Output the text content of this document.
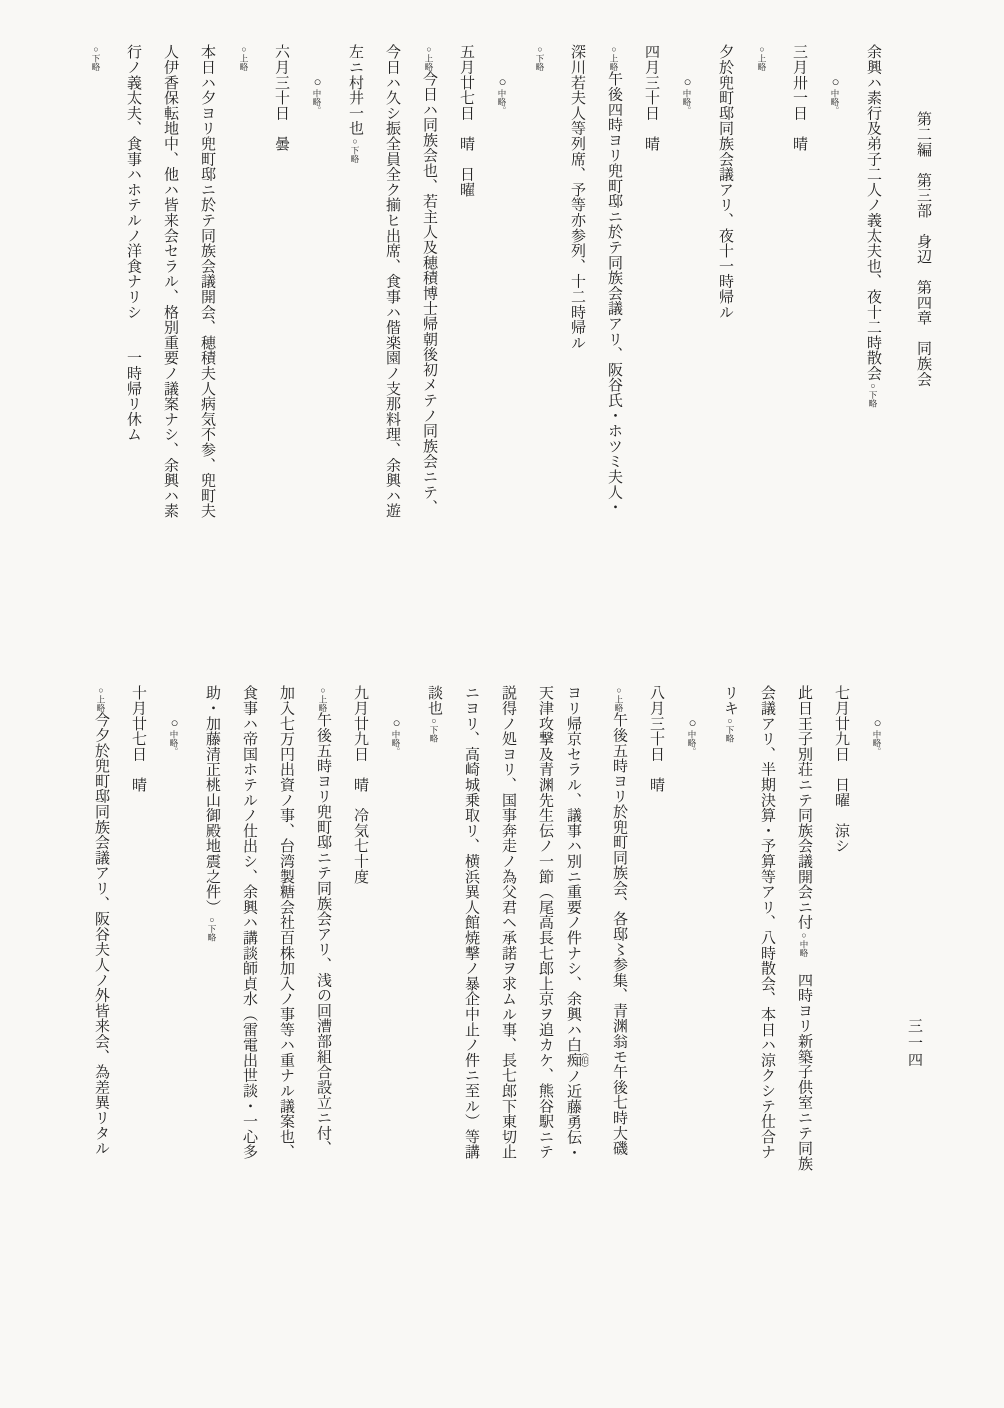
第二編　第三部　身辺　第四章　同族会
余興ハ素行及弟子二人ノ義太夫也、夜十二時散会○下略
○中略。
三月卅一日　晴
○上略
夕於兜町邸同族会議アリ、夜十一時帰ル
○中略。
四月三十日　晴
○上略午後四時ヨリ兜町邸ニ於テ同族会議アリ、阪谷氏・ホツミ夫人・
深川若夫人等列席、予等亦参列、十二時帰ル
○下略
○中略。
五月廿七日　晴　日曜
○上略今日ハ同族会也、若主人及穂積博士帰朝後初メテノ同族会ニテ、
今日ハ久シ振全員全ク揃ヒ出席、食事ハ偕楽園ノ支那料理、余興ハ遊
左ニ村井一也○下略
○中略。
六月三十日　曇
○上略
本日ハ夕ヨリ兜町邸ニ於テ同族会議開会、穂積夫人病気不参、兜町夫
人伊香保転地中、他ハ皆来会セラル、格別重要ノ議案ナシ、余興ハ素
行ノ義太夫、食事ハホテルノ洋食ナリシ　　一時帰リ休ム
○下略
○中略。
七月廿九日　日曜　涼シ
此日王子別荘ニテ同族会議開会ニ付○中略　四時ヨリ新築子供室ニテ同族
会議アリ、半期決算・予算等アリ、八時散会、本日ハ涼クシテ仕合ナ
リキ○下略
○中略。
八月三十日　晴
○上略午後五時ヨリ於兜町同族会、各邸〻参集、青渊翁モ午後七時大磯
ヨリ帰京セラル、議事ハ別ニ重要ノ件ナシ、余興ハ白痴 （伯）ノ近藤勇伝・
天津攻撃及青渊先生伝ノ一節（尾高長七郎上京ヲ追カケ、熊谷駅ニテ
説得ノ処ヨリ、国事奔走ノ為父君ヘ承諾ヲ求ムル事、長七郎下東切止
ニヨリ、高崎城乗取リ、横浜異人館焼撃ノ暴企中止ノ件ニ至ル）等講
談也○下略
○中略。
九月廿九日　晴　冷気七十度
○上略午後五時ヨリ兜町邸ニテ同族会アリ、浅の回漕部組合設立ニ付、
加入七万円出資ノ事、台湾製糖会社百株加入ノ事等ハ重ナル議案也、
食事ハ帝国ホテルノ仕出シ、余興ハ講談師貞水（雷電出世談・一心多
助・加藤清正桃山御殿地震之件）○下略
○中略。
十月廿七日　晴
○上略今夕於兜町邸同族会議アリ、阪谷夫人ノ外皆来会、為差異リタル	三一四
